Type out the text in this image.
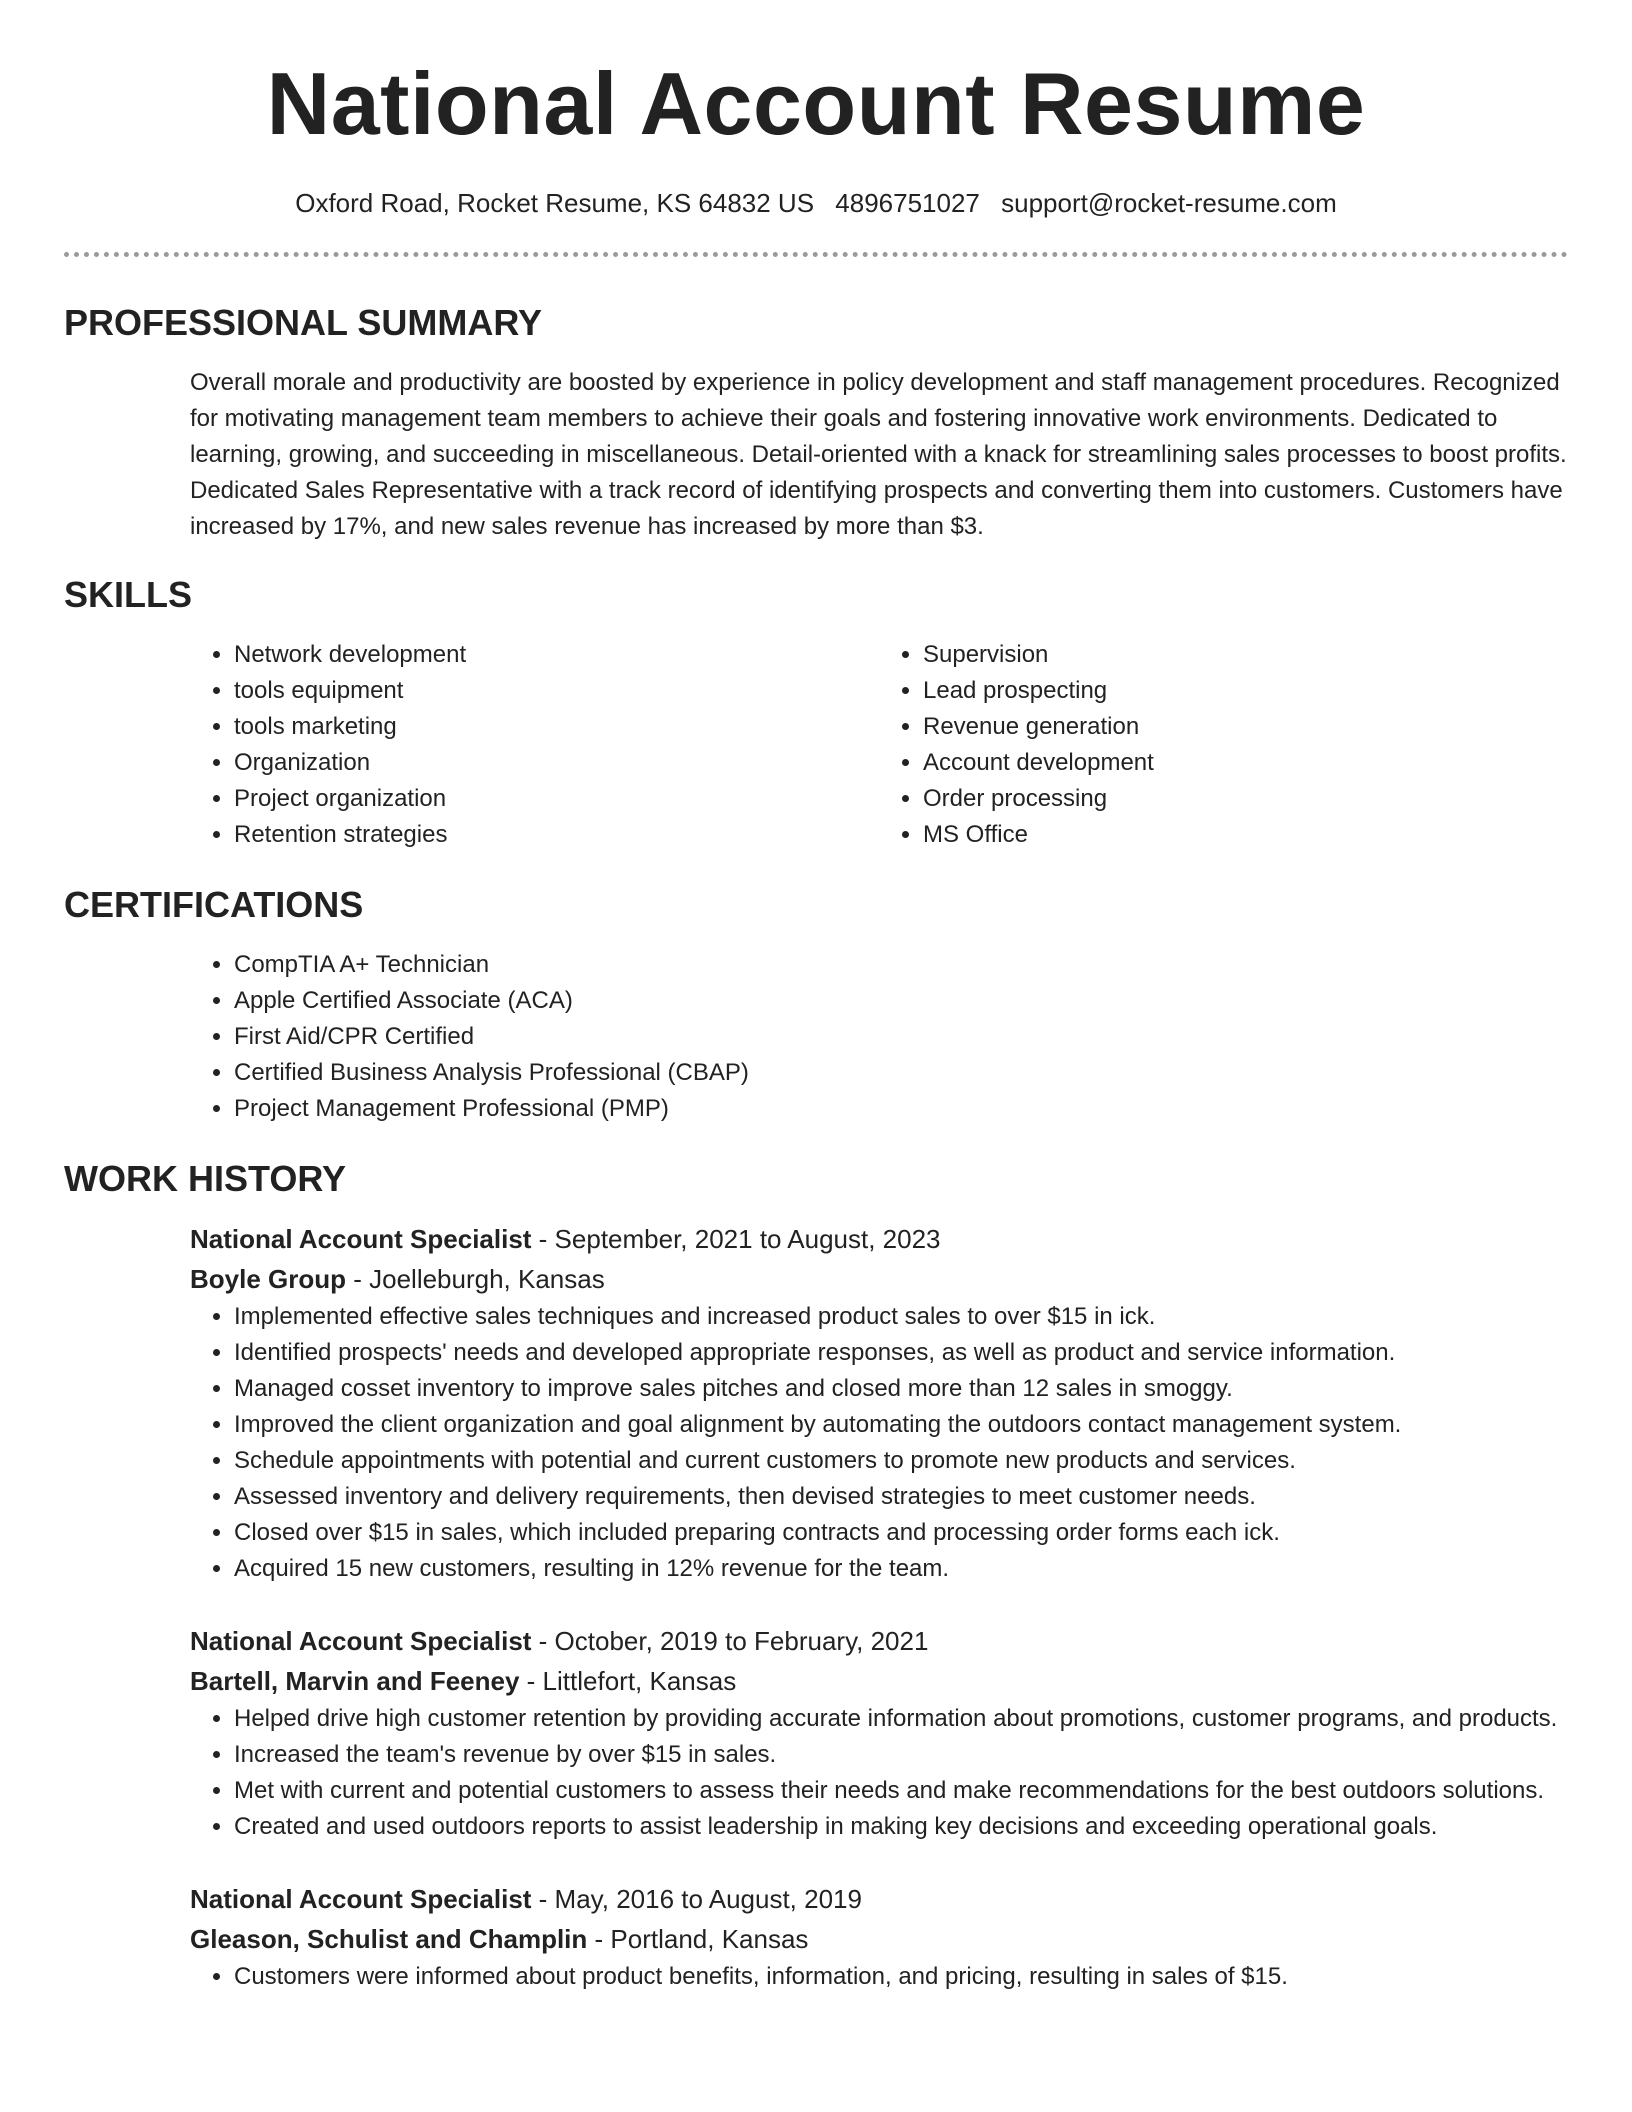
National Account Resume
Oxford Road, Rocket Resume, KS 64832 US 4896751027 support@rocket-resume.com
PROFESSIONAL SUMMARY
Overall morale and productivity are boosted by experience in policy development and staff management procedures. Recognized for motivating management team members to achieve their goals and fostering innovative work environments. Dedicated to learning, growing, and succeeding in miscellaneous. Detail-oriented with a knack for streamlining sales processes to boost profits. Dedicated Sales Representative with a track record of identifying prospects and converting them into customers. Customers have increased by 17%, and new sales revenue has increased by more than $3.
SKILLS
• Network development
• tools equipment
• tools marketing
• Organization
• Project organization
• Retention strategies
• Supervision
• Lead prospecting
• Revenue generation
• Account development
• Order processing
• MS Office
CERTIFICATIONS
• CompTIA A+ Technician
• Apple Certified Associate (ACA)
• First Aid/CPR Certified
• Certified Business Analysis Professional (CBAP)
• Project Management Professional (PMP)
WORK HISTORY
National Account Specialist - September, 2021 to August, 2023
Boyle Group - Joelleburgh, Kansas
• Implemented effective sales techniques and increased product sales to over $15 in ick.
• Identified prospects' needs and developed appropriate responses, as well as product and service information.
• Managed cosset inventory to improve sales pitches and closed more than 12 sales in smoggy.
• Improved the client organization and goal alignment by automating the outdoors contact management system.
• Schedule appointments with potential and current customers to promote new products and services.
• Assessed inventory and delivery requirements, then devised strategies to meet customer needs.
• Closed over $15 in sales, which included preparing contracts and processing order forms each ick.
• Acquired 15 new customers, resulting in 12% revenue for the team.
National Account Specialist - October, 2019 to February, 2021
Bartell, Marvin and Feeney - Littlefort, Kansas
• Helped drive high customer retention by providing accurate information about promotions, customer programs, and products.
• Increased the team's revenue by over $15 in sales.
• Met with current and potential customers to assess their needs and make recommendations for the best outdoors solutions.
• Created and used outdoors reports to assist leadership in making key decisions and exceeding operational goals.
National Account Specialist - May, 2016 to August, 2019
Gleason, Schulist and Champlin - Portland, Kansas
• Customers were informed about product benefits, information, and pricing, resulting in sales of $15.
